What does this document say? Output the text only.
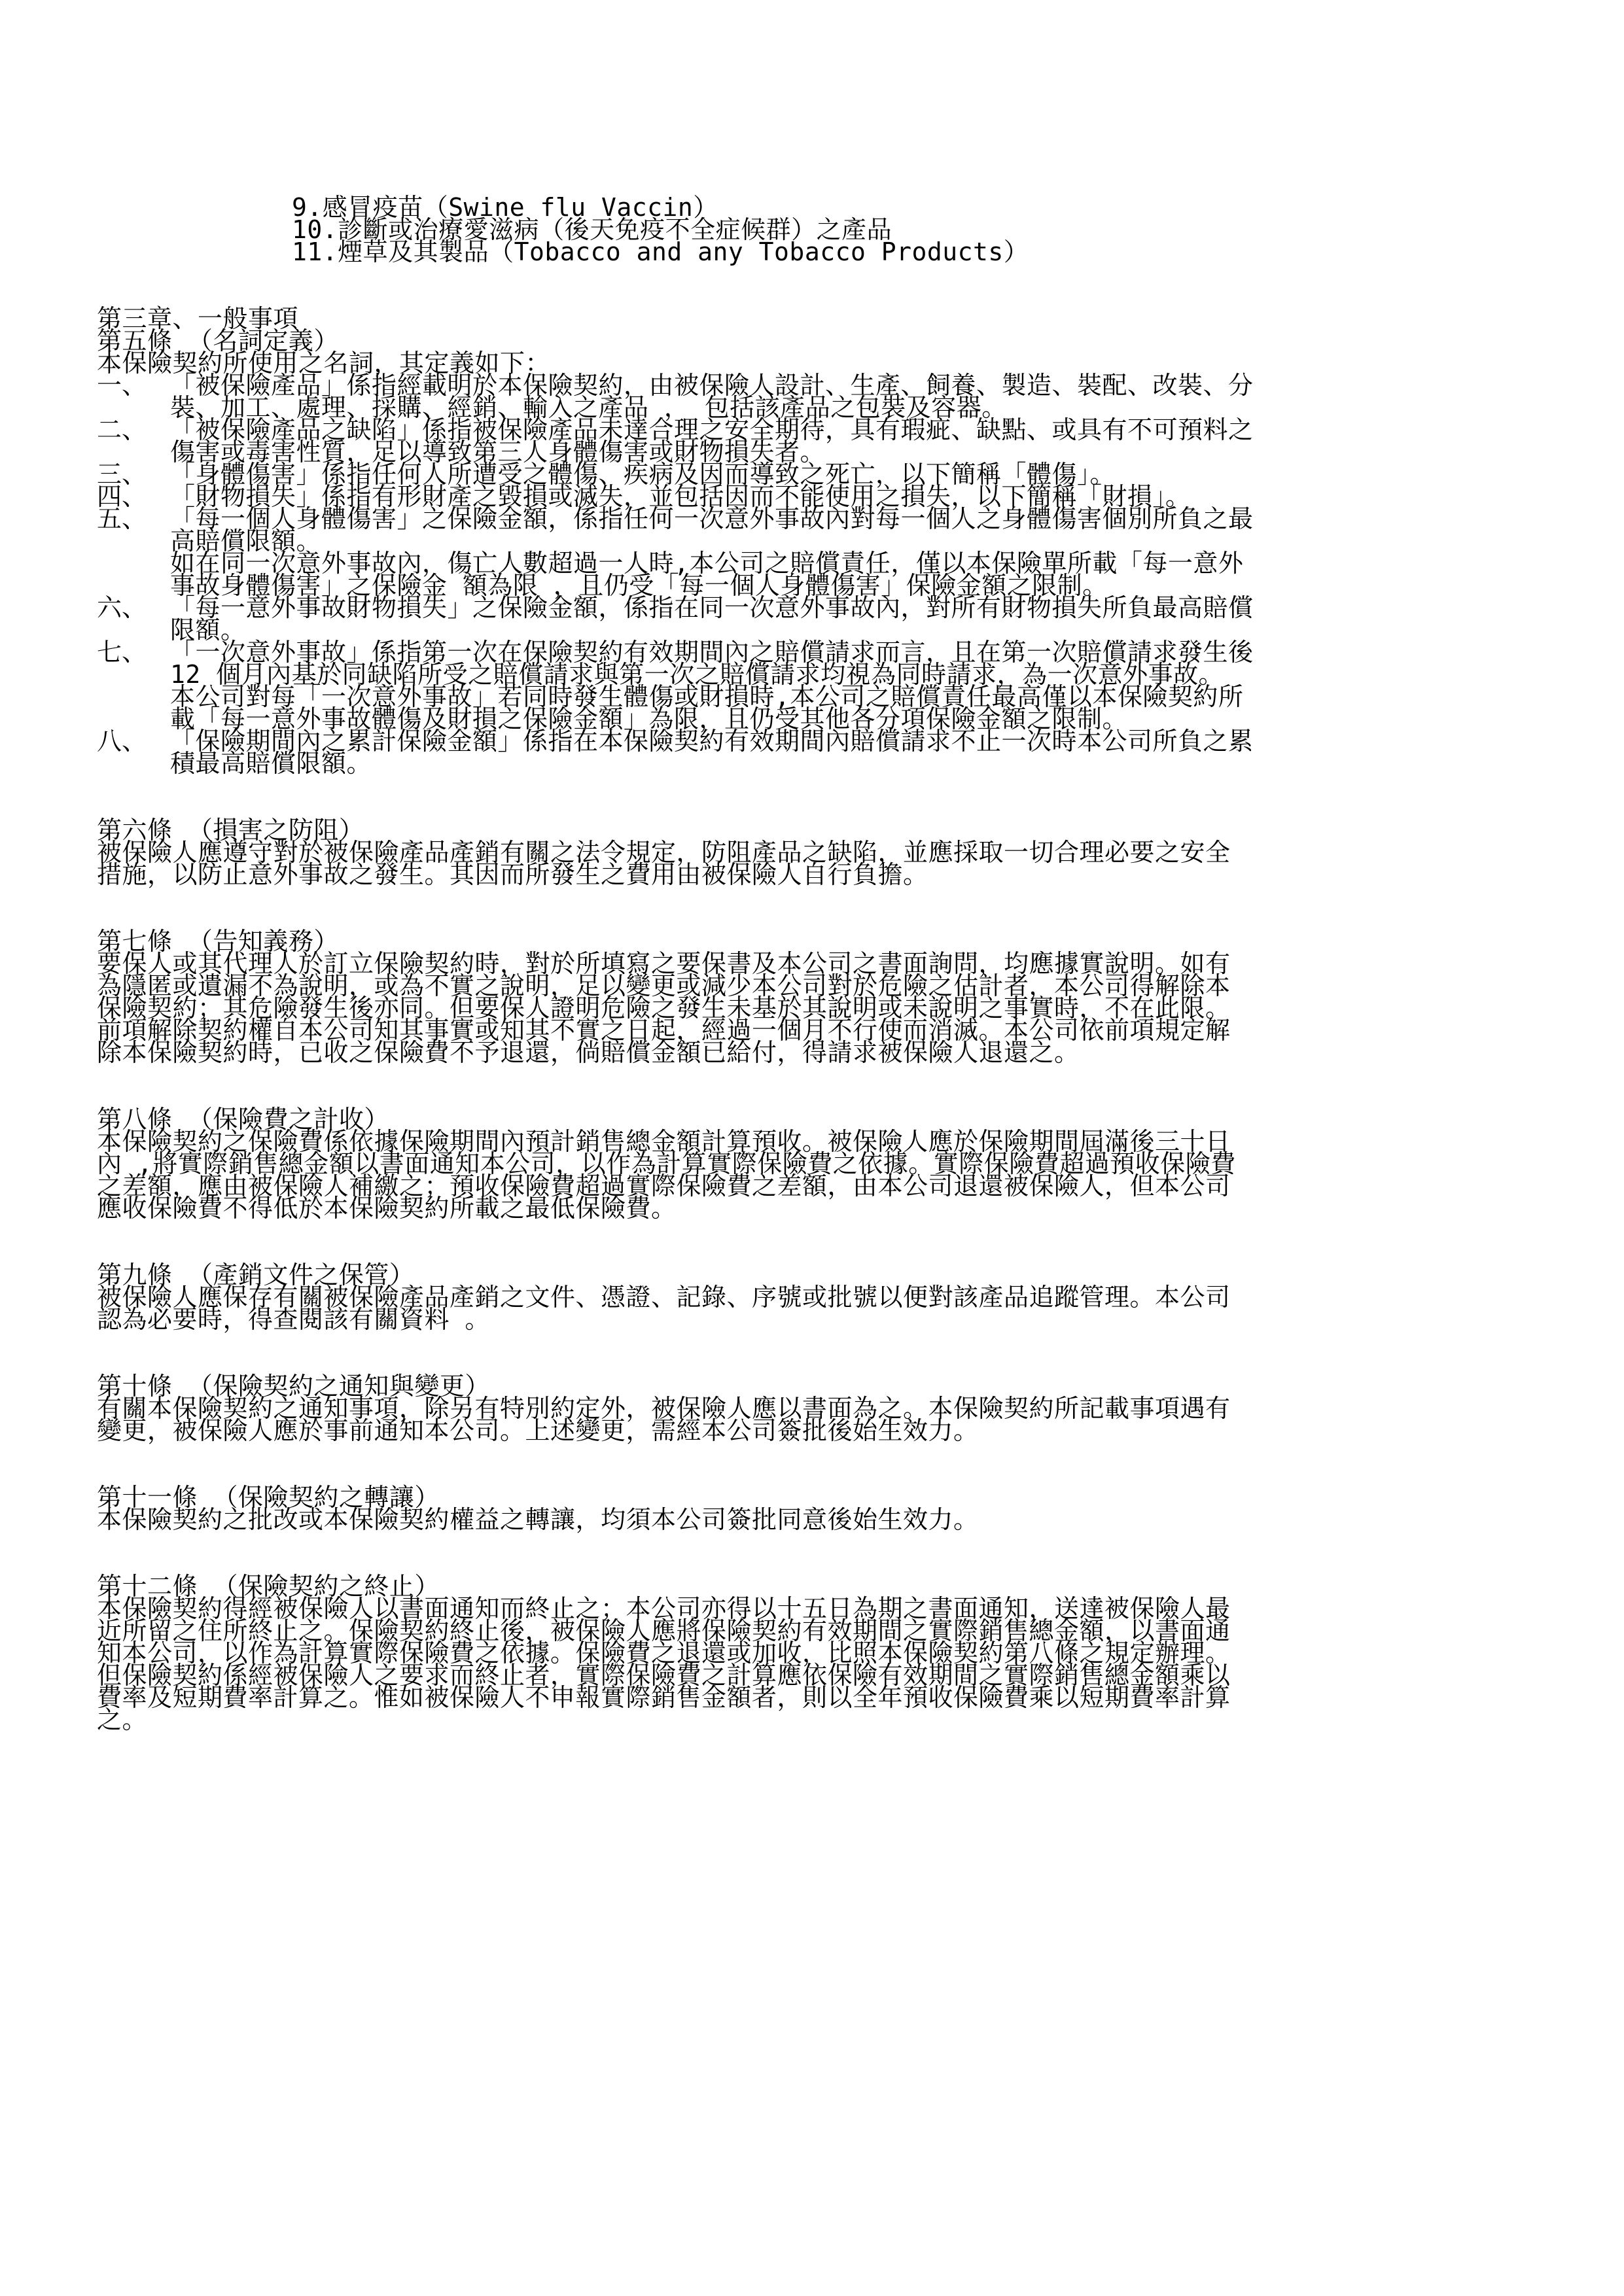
9.感冒疫苗（Swine flu Vaccin）
10.診斷或治療愛滋病（後天免疫不全症候群）之產品
11.煙草及其製品（Tobacco and any Tobacco Products）
第三章、一般事項
第五條 （名詞定義）
本保險契約所使用之名詞，其定義如下：
一、 「被保險產品」係指經載明於本保險契約，由被保險人設計、生產、飼養、製造、裝配、改裝、分
裝、加工、處理、採購、經銷、輸入之產品 ， 包括該產品之包裝及容器。
二、 「被保險產品之缺陷」係指被保險產品未達合理之安全期待，具有瑕疵、缺點、或具有不可預料之
傷害或毒害性質，足以導致第三人身體傷害或財物損失者。
三、 「身體傷害」係指任何人所遭受之體傷、疾病及因而導致之死亡，以下簡稱「體傷」。
四、 「財物損失」係指有形財產之毀損或滅失，並包括因而不能使用之損失，以下簡稱「財損」。
五、 「每一個人身體傷害」之保險金額，係指任何一次意外事故內對每一個人之身體傷害個別所負之最
高賠償限額。
如在同一次意外事故內，傷亡人數超過一人時,本公司之賠償責任，僅以本保險單所載「每一意外
事故身體傷害」之保險金 額為限 ，且仍受「每一個人身體傷害」保險金額之限制。
六、 「每一意外事故財物損失」之保險金額，係指在同一次意外事故內，對所有財物損失所負最高賠償
限額。
七、 「一次意外事故」係指第一次在保險契約有效期間內之賠償請求而言，且在第一次賠償請求發生後
12 個月內基於同缺陷所受之賠償請求與第一次之賠償請求均視為同時請求，為一次意外事故。
本公司對每「一次意外事故」若同時發生體傷或財損時,本公司之賠償責任最高僅以本保險契約所
載「每一意外事故體傷及財損之保險金額」為限，且仍受其他各分項保險金額之限制。
八、 「保險期間內之累計保險金額」係指在本保險契約有效期間內賠償請求不止一次時本公司所負之累
積最高賠償限額。
第六條 （損害之防阻）
被保險人應遵守對於被保險產品產銷有關之法令規定，防阻產品之缺陷，並應採取一切合理必要之安全
措施，以防止意外事故之發生。其因而所發生之費用由被保險人自行負擔。
第七條 （告知義務）
要保人或其代理人於訂立保險契約時，對於所填寫之要保書及本公司之書面詢問，均應據實說明。如有
為隱匿或遺漏不為說明，或為不實之說明，足以變更或減少本公司對於危險之估計者，本公司得解除本
保險契約；其危險發生後亦同。但要保人證明危險之發生未基於其說明或未說明之事實時，不在此限。
前項解除契約權自本公司知其事實或知其不實之日起，經過一個月不行使而消滅。本公司依前項規定解
除本保險契約時，已收之保險費不予退還，倘賠償金額已給付，得請求被保險人退還之。
第八條 （保險費之計收）
本保險契約之保險費係依據保險期間內預計銷售總金額計算預收。被保險人應於保險期間屆滿後三十日
內 ,將實際銷售總金額以書面通知本公司，以作為計算實際保險費之依據。實際保險費超過預收保險費
之差額，應由被保險人補繳之；預收保險費超過實際保險費之差額，由本公司退還被保險人，但本公司
應收保險費不得低於本保險契約所載之最低保險費。
第九條 （產銷文件之保管）
被保險人應保存有關被保險產品產銷之文件、憑證、記錄、序號或批號以便對該產品追蹤管理。本公司
認為必要時，得查閱該有關資料 。
第十條 （保險契約之通知與變更）
有關本保險契約之通知事項，除另有特別約定外，被保險人應以書面為之。本保險契約所記載事項遇有
變更，被保險人應於事前通知本公司。上述變更，需經本公司簽批後始生效力。
第十一條 （保險契約之轉讓）
本保險契約之批改或本保險契約權益之轉讓，均須本公司簽批同意後始生效力。
第十二條 （保險契約之終止）
本保險契約得經被保險人以書面通知而終止之；本公司亦得以十五日為期之書面通知，送達被保險人最
近所留之住所終止之。保險契約終止後，被保險人應將保險契約有效期間之實際銷售總金額，以書面通
知本公司，以作為計算實際保險費之依據。保險費之退還或加收，比照本保險契約第八條之規定辦理。
但保險契約係經被保險人之要求而終止者，實際保險費之計算應依保險有效期間之實際銷售總金額乘以
費率及短期費率計算之。惟如被保險人不申報實際銷售金額者，則以全年預收保險費乘以短期費率計算
之。
